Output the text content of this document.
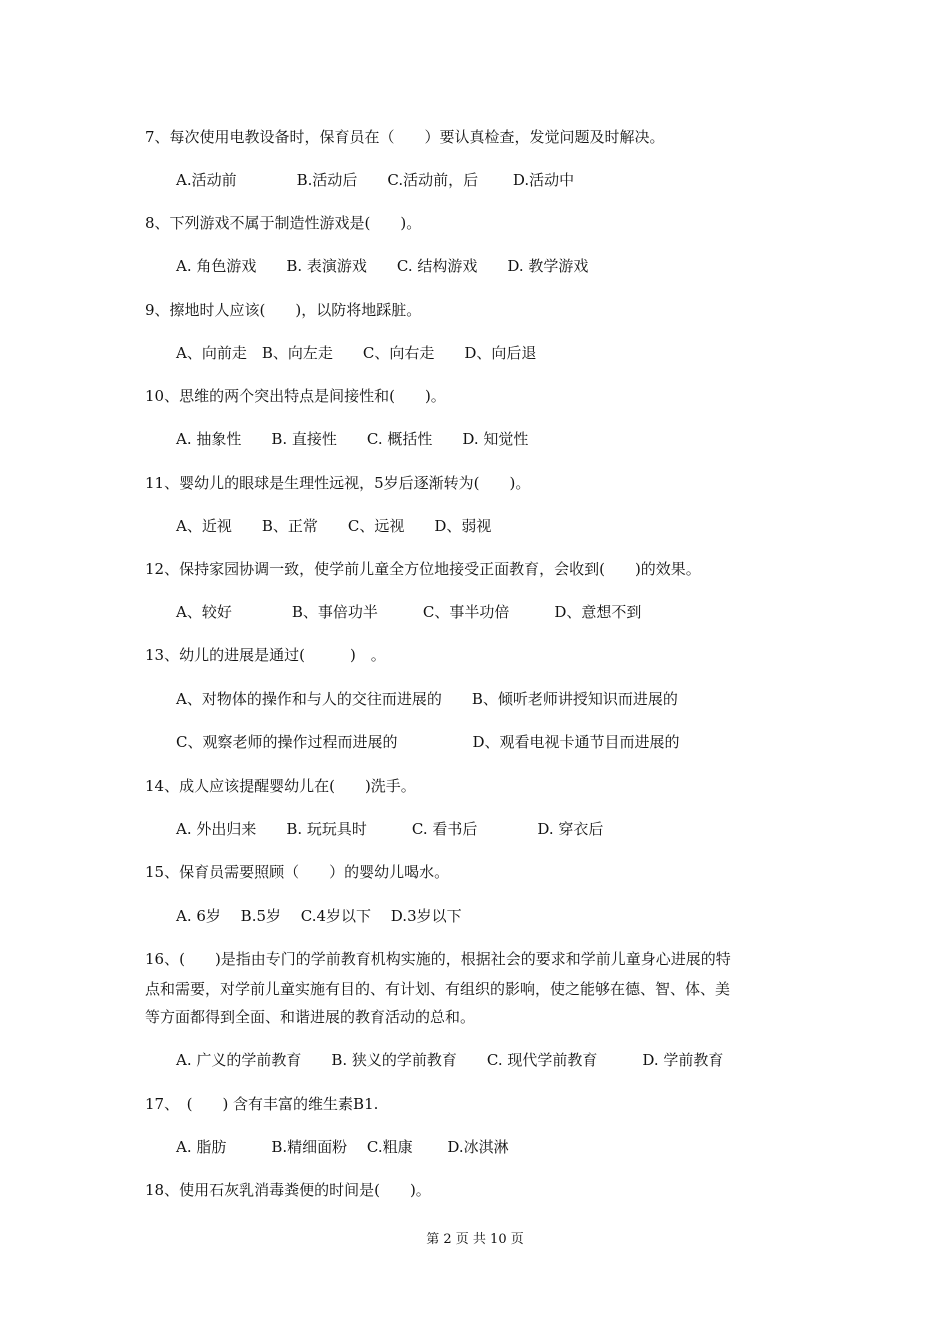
7、每次使用电教设备时，保育员在（　　）要认真检查，发觉问题及时解决。
A.活动前　　　　B.活动后　　C.活动前，后　　 D.活动中
8、下列游戏不属于制造性游戏是(　　)。
A. 角色游戏　　B. 表演游戏　　C. 结构游戏　　D. 教学游戏
9、擦地时人应该(　　)，以防将地踩脏。
A、向前走　B、向左走　　C、向右走　　D、向后退
10、思维的两个突出特点是间接性和(　　)。
A. 抽象性　　B. 直接性　　C. 概括性　　D. 知觉性
11、婴幼儿的眼球是生理性远视，5岁后逐渐转为(　　)。
A、近视　　B、正常　　C、远视　　D、弱视
12、保持家园协调一致，使学前儿童全方位地接受正面教育，会收到(　　)的效果。
A、较好　　　　B、事倍功半　　　C、事半功倍　　　D、意想不到
13、幼儿的进展是通过(　　　)　。
A、对物体的操作和与人的交往而进展的　　B、倾听老师讲授知识而进展的
C、观察老师的操作过程而进展的　　　　　D、观看电视卡通节目而进展的
14、成人应该提醒婴幼儿在(　　)洗手。
A. 外出归来　　B. 玩玩具时　　　C. 看书后　　　　D. 穿衣后
15、保育员需要照顾（　　）的婴幼儿喝水。
A. 6岁　 B.5岁　 C.4岁以下　 D.3岁以下
16、(　　)是指由专门的学前教育机构实施的，根据社会的要求和学前儿童身心进展的特
点和需要，对学前儿童实施有目的、有计划、有组织的影响，使之能够在德、智、体、美
等方面都得到全面、和谐进展的教育活动的总和。
A. 广义的学前教育　　B. 狭义的学前教育　　C. 现代学前教育　　　D. 学前教育
17、　(　　) 含有丰富的维生素B1.
A. 脂肪　　　B.精细面粉　 C.粗康　　 D.冰淇淋
18、使用石灰乳消毒粪便的时间是(　　)。
第 2 页 共 10 页
